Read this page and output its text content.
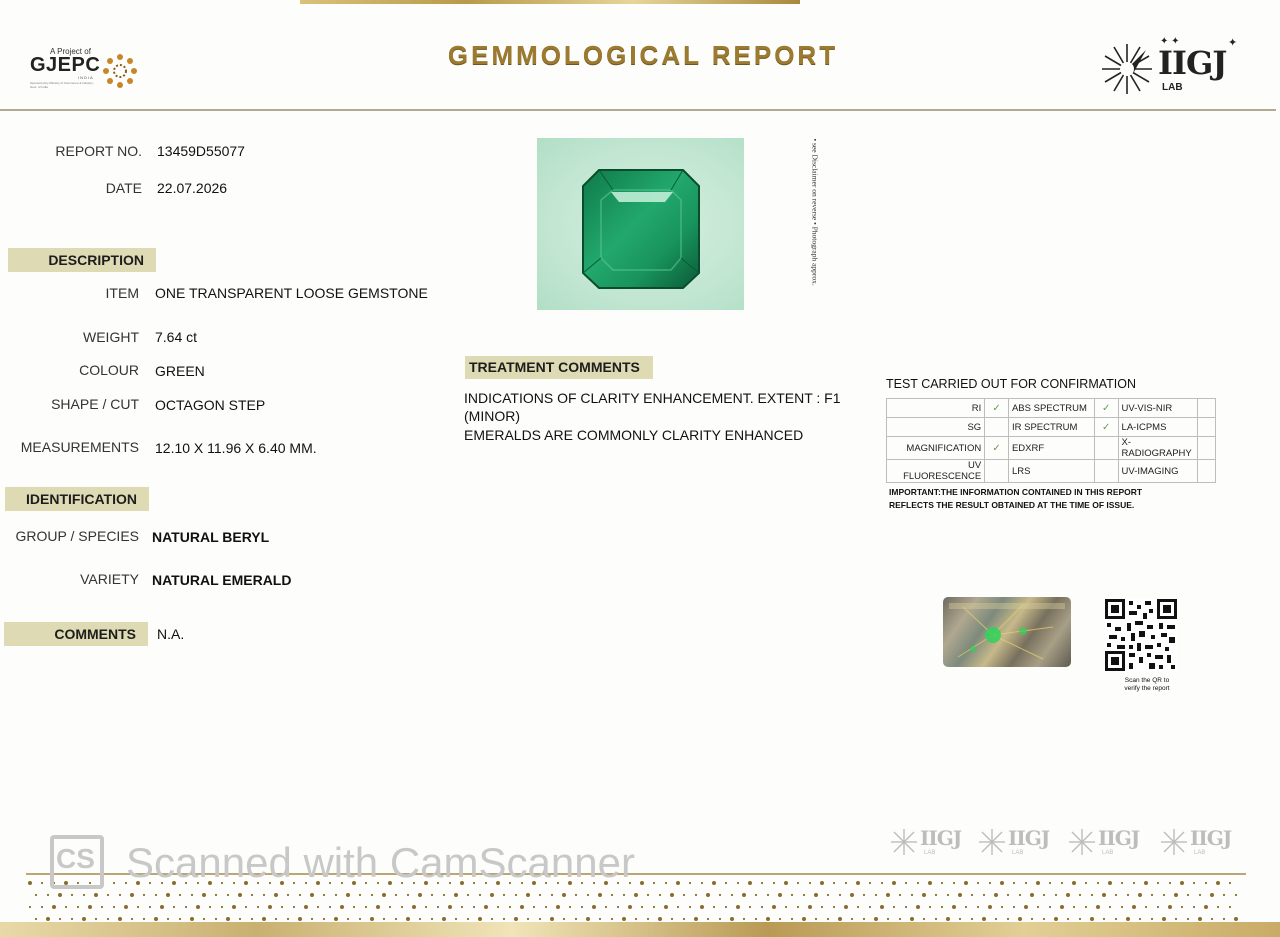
A Project of
GJEPC
INDIA
Sponsored by Ministry of Commerce & Industry, Govt. of India
GEMMOLOGICAL REPORT	✦ ✦	✦
IIGJ
LAB
REPORT NO. 13459D55077
DATE 22.07.2026
DESCRIPTION
ITEM ONE TRANSPARENT LOOSE GEMSTONE
WEIGHT 7.64 ct
COLOUR GREEN
SHAPE / CUT OCTAGON STEP
MEASUREMENTS 12.10 X 11.96 X 6.40 MM.
IDENTIFICATION
GROUP / SPECIES NATURAL BERYL
VARIETY NATURAL EMERALD
COMMENTS	N.A.
• see Disclaimer on reverse • Photograph approx.
TREATMENT COMMENTS
INDICATIONS OF CLARITY ENHANCEMENT. EXTENT : F1
(MINOR)
EMERALDS ARE COMMONLY CLARITY ENHANCED
TEST CARRIED OUT FOR CONFIRMATION
RI	✓	ABS SPECTRUM	✓	UV-VIS-NIR	
SG		IR SPECTRUM	✓	LA-ICPMS	
MAGNIFICATION	✓	EDXRF		X-RADIOGRAPHY	
UV FLUORESCENCE		LRS		UV-IMAGING	
IMPORTANT:THE INFORMATION CONTAINED IN THIS REPORT REFLECTS THE RESULT OBTAINED AT THE TIME OF ISSUE.
Scan the QR to
verify the report
IIGJ
LAB
IIGJ
LAB
IIGJ
LAB
IIGJ
LAB
CS Scanned with CamScanner
